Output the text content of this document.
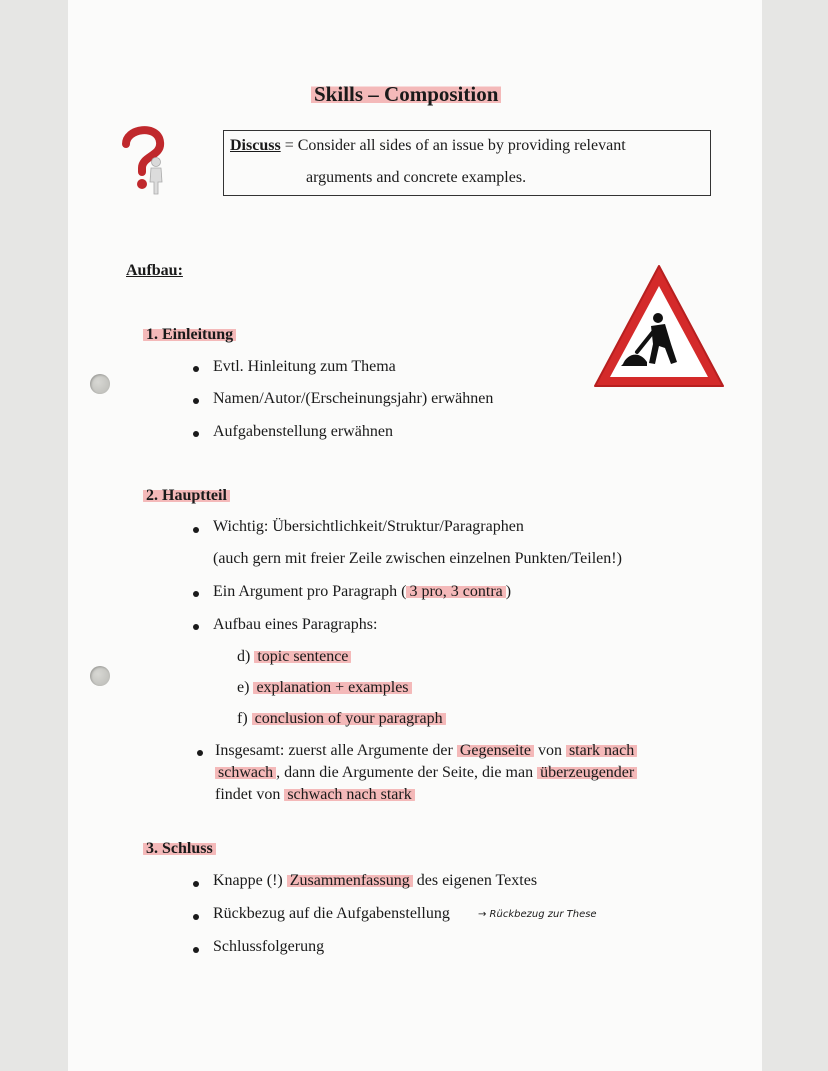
Skills – Composition
Discuss = Consider all sides of an issue by providing relevant
arguments and concrete examples.
Aufbau:
1. Einleitung
Evtl. Hinleitung zum Thema
Namen/Autor/(Erscheinungsjahr) erwähnen
Aufgabenstellung erwähnen
2. Hauptteil
Wichtig: Übersichtlichkeit/Struktur/Paragraphen
(auch gern mit freier Zeile zwischen einzelnen Punkten/Teilen!)
Ein Argument pro Paragraph ( 3 pro, 3 contra )
Aufbau eines Paragraphs:
d) topic sentence
e) explanation + examples
f) conclusion of your paragraph
Insgesamt: zuerst alle Argumente der Gegenseite von stark nach
schwach , dann die Argumente der Seite, die man überzeugender
findet von schwach nach stark
3. Schluss
Knappe (!) Zusammenfassung des eigenen Textes
Rückbezug auf die Aufgabenstellung	→ Rückbezug zur These
Schlussfolgerung
